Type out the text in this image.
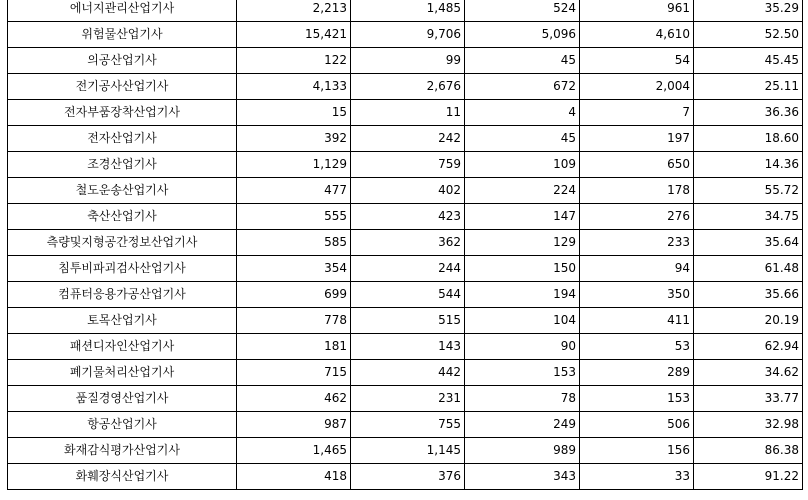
에너지관리산업기사	2,213	1,485	524	961	35.29
위험물산업기사	15,421	9,706	5,096	4,610	52.50
의공산업기사	122	99	45	54	45.45
전기공사산업기사	4,133	2,676	672	2,004	25.11
전자부품장착산업기사	15	11	4	7	36.36
전자산업기사	392	242	45	197	18.60
조경산업기사	1,129	759	109	650	14.36
철도운송산업기사	477	402	224	178	55.72
축산산업기사	555	423	147	276	34.75
측량및지형공간정보산업기사	585	362	129	233	35.64
침투비파괴검사산업기사	354	244	150	94	61.48
컴퓨터응용가공산업기사	699	544	194	350	35.66
토목산업기사	778	515	104	411	20.19
패션디자인산업기사	181	143	90	53	62.94
폐기물처리산업기사	715	442	153	289	34.62
품질경영산업기사	462	231	78	153	33.77
항공산업기사	987	755	249	506	32.98
화재감식평가산업기사	1,465	1,145	989	156	86.38
화훼장식산업기사	418	376	343	33	91.22
